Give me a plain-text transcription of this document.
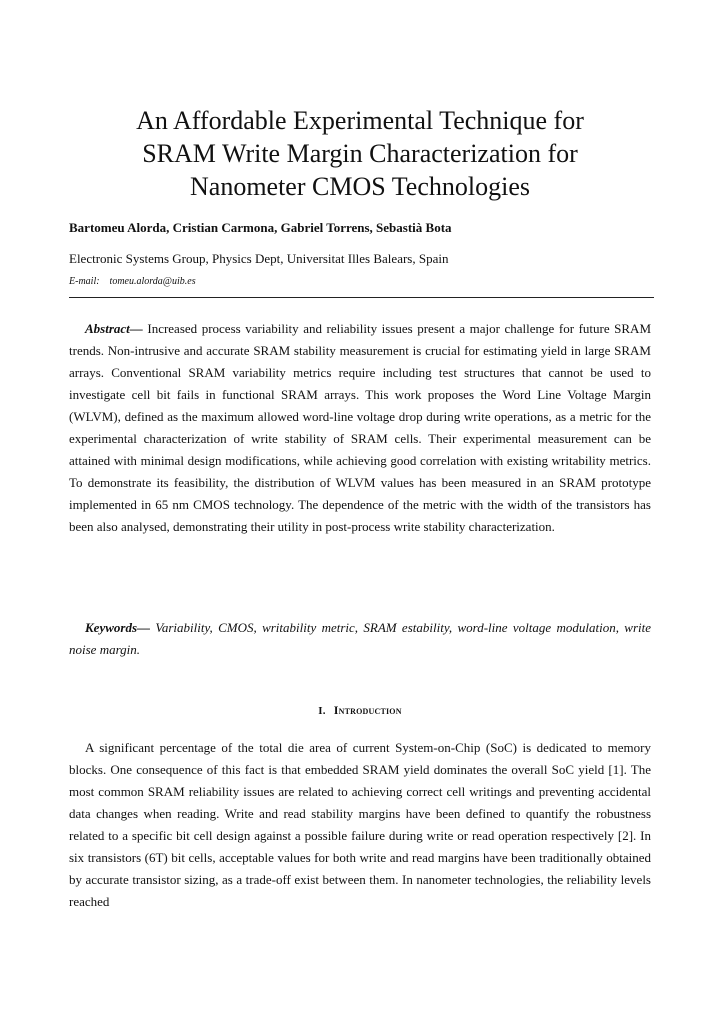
An Affordable Experimental Technique for
SRAM Write Margin Characterization for
Nanometer CMOS Technologies
Bartomeu Alorda, Cristian Carmona, Gabriel Torrens, Sebastià Bota
Electronic Systems Group, Physics Dept, Universitat Illes Balears, Spain
E-mail: tomeu.alorda@uib.es

Abstract— Increased process variability and reliability issues present a major challenge for future SRAM trends. Non-intrusive and accurate SRAM stability measurement is crucial for estimating yield in large SRAM arrays. Conventional SRAM variability metrics require including test structures that cannot be used to investigate cell bit fails in functional SRAM arrays. This work proposes the Word Line Voltage Margin (WLVM), defined as the maximum allowed word-line voltage drop during write operations, as a metric for the experimental characterization of write stability of SRAM cells. Their experimental measurement can be attained with minimal design modifications, while achieving good correlation with existing writability metrics. To demonstrate its feasibility, the distribution of WLVM values has been measured in an SRAM prototype implemented in 65 nm CMOS technology. The dependence of the metric with the width of the transistors has been also analysed, demonstrating their utility in post-process write stability characterization.

Keywords— Variability, CMOS, writability metric, SRAM estability, word-line voltage modulation, write noise margin.

I. Introduction

A significant percentage of the total die area of current System-on-Chip (SoC) is dedicated to memory blocks. One consequence of this fact is that embedded SRAM yield dominates the overall SoC yield [1]. The most common SRAM reliability issues are related to achieving correct cell writings and preventing accidental data changes when reading. Write and read stability margins have been defined to quantify the robustness related to a specific bit cell design against a possible failure during write or read operation respectively [2]. In six transistors (6T) bit cells, acceptable values for both write and read margins have been traditionally obtained by accurate transistor sizing, as a trade-off exist between them. In nanometer technologies, the reliability levels reached
